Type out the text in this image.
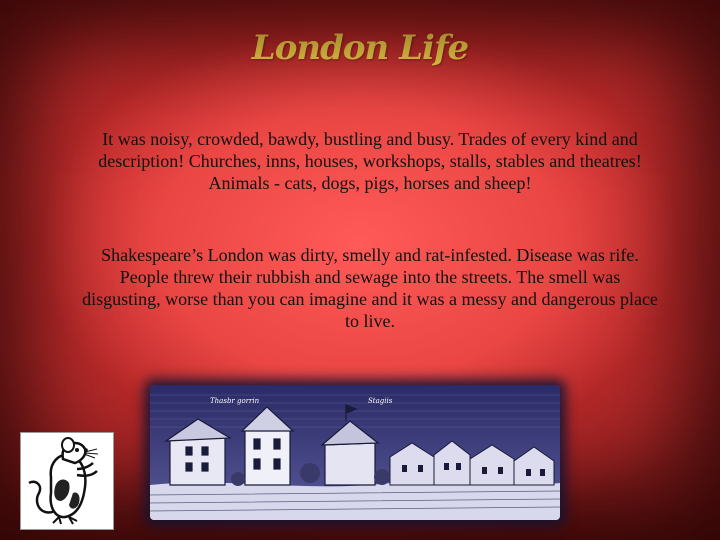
London Life
It was noisy, crowded, bawdy, bustling and busy. Trades of every kind and description! Churches, inns, houses, workshops, stalls, stables and theatres! Animals - cats, dogs, pigs, horses and sheep!
Shakespeare’s London was dirty, smelly and rat-infested. Disease was rife. People threw their rubbish and sewage into the streets. The smell was disgusting, worse than you can imagine and it was a messy and dangerous place to live.
Thasbr gorrin	Stagiis
